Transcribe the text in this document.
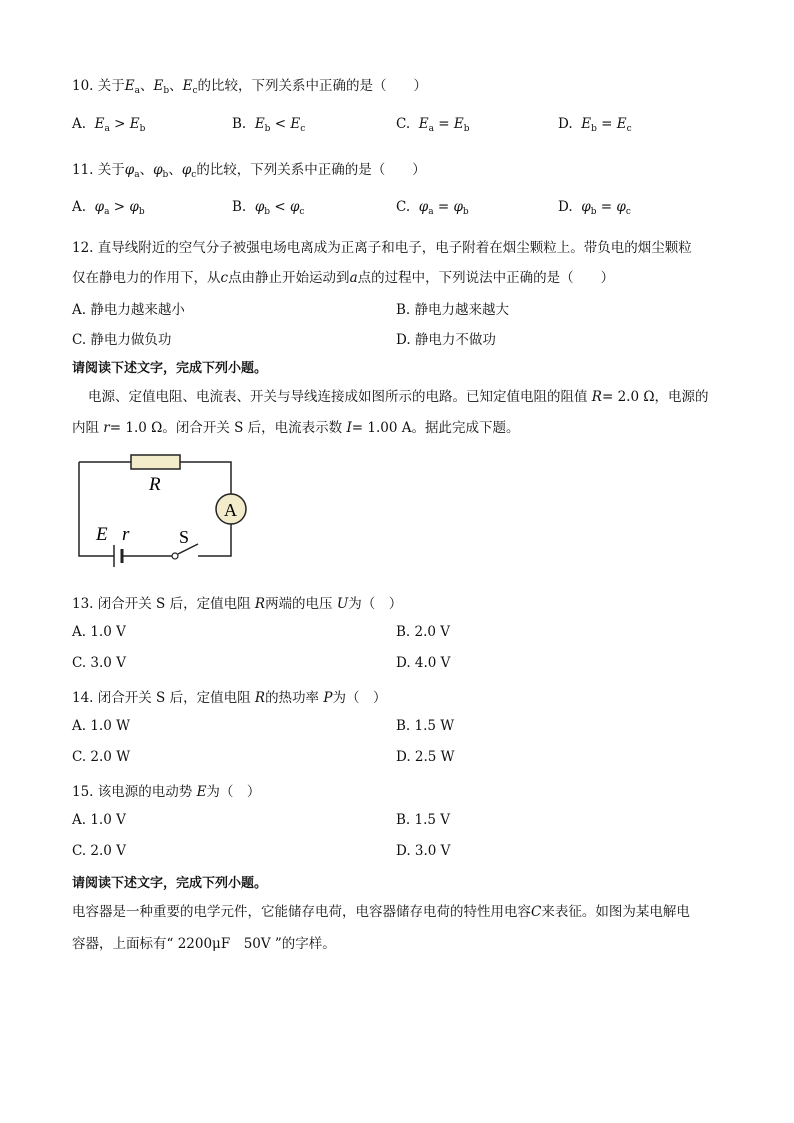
10. 关于$E_a$、$E_b$、$E_c$的比较，下列关系中正确的是（　　）
A. $E_a > E_b$	B. $E_b < E_c$	C. $E_a = E_b$	D. $E_b = E_c$
11. 关于$\varphi_a$、$\varphi_b$、$\varphi_c$的比较，下列关系中正确的是（　　）
A. $\varphi_a > \varphi_b$	B. $\varphi_b < \varphi_c$	C. $\varphi_a = \varphi_b$	D. $\varphi_b = \varphi_c$
12. 直导线附近的空气分子被强电场电离成为正离子和电子，电子附着在烟尘颗粒上。带负电的烟尘颗粒
仅在静电力的作用下，从c点由静止开始运动到a点的过程中，下列说法中正确的是（　　）
A. 静电力越来越小	B. 静电力越来越大
C. 静电力做负功	D. 静电力不做功
请阅读下述文字，完成下列小题。
电源、定值电阻、电流表、开关与导线连接成如图所示的电路。已知定值电阻的阻值 R= 2.0 Ω，电源的
内阻 r= 1.0 Ω。闭合开关 S 后，电流表示数 I= 1.00 A。据此完成下题。
R
A
E r	S
13. 闭合开关 S 后，定值电阻 R两端的电压 U为（　）
A. 1.0 V	B. 2.0 V
C. 3.0 V	D. 4.0 V
14. 闭合开关 S 后，定值电阻 R的热功率 P为（　）
A. 1.0 W	B. 1.5 W
C. 2.0 W	D. 2.5 W
15. 该电源的电动势 E为（　）
A. 1.0 V	B. 1.5 V
C. 2.0 V	D. 3.0 V
请阅读下述文字，完成下列小题。
电容器是一种重要的电学元件，它能储存电荷，电容器储存电荷的特性用电容C来表征。如图为某电解电
容器，上面标有“ 2200μF　50V ”的字样。
